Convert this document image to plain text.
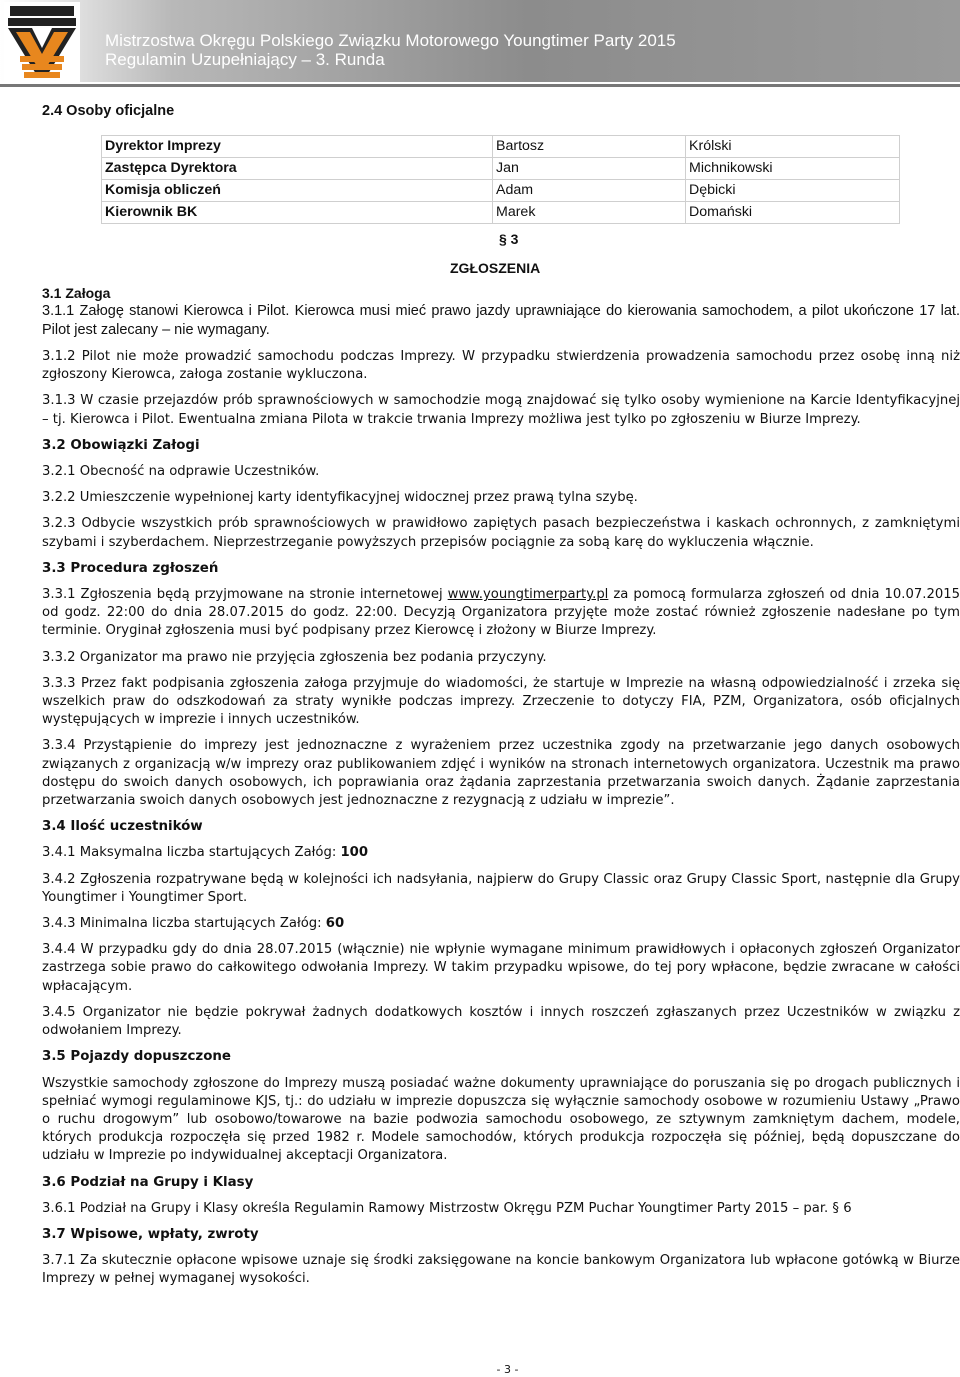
Mistrzostwa Okręgu Polskiego Związku Motorowego Youngtimer Party 2015
Regulamin Uzupełniający – 3. Runda
2.4 Osoby oficjalne
Dyrektor Imprezy	Bartosz	Królski
Zastępca Dyrektora	Jan	Michnikowski
Komisja obliczeń	Adam	Dębicki
Kierownik BK	Marek	Domański
§ 3
ZGŁOSZENIA
3.1 Załoga

3.1.1 Załogę stanowi Kierowca i Pilot. Kierowca musi mieć prawo jazdy uprawniające do kierowania samochodem, a pilot ukończone 17 lat. Pilot jest zalecany – nie wymagany.

3.1.2 Pilot nie może prowadzić samochodu podczas Imprezy. W przypadku stwierdzenia prowadzenia samochodu przez osobę inną niż zgłoszony Kierowca, załoga zostanie wykluczona.

3.1.3 W czasie przejazdów prób sprawnościowych w samochodzie mogą znajdować się tylko osoby wymienione na Karcie Identyfikacyjnej – tj. Kierowca i Pilot. Ewentualna zmiana Pilota w trakcie trwania Imprezy możliwa jest tylko po zgłoszeniu w Biurze Imprezy.

3.2 Obowiązki Załogi

3.2.1 Obecność na odprawie Uczestników.

3.2.2 Umieszczenie wypełnionej karty identyfikacyjnej widocznej przez prawą tylna szybę.

3.2.3 Odbycie wszystkich prób sprawnościowych w prawidłowo zapiętych pasach bezpieczeństwa i kaskach ochronnych, z zamkniętymi szybami i szyberdachem. Nieprzestrzeganie powyższych przepisów pociągnie za sobą karę do wykluczenia włącznie.

3.3 Procedura zgłoszeń

3.3.1 Zgłoszenia będą przyjmowane na stronie internetowej www.youngtimerparty.pl za pomocą formularza zgłoszeń od dnia 10.07.2015 od godz. 22:00 do dnia 28.07.2015 do godz. 22:00. Decyzją Organizatora przyjęte może zostać również zgłoszenie nadesłane po tym terminie. Oryginał zgłoszenia musi być podpisany przez Kierowcę i złożony w Biurze Imprezy.

3.3.2 Organizator ma prawo nie przyjęcia zgłoszenia bez podania przyczyny.

3.3.3 Przez fakt podpisania zgłoszenia załoga przyjmuje do wiadomości, że startuje w Imprezie na własną odpowiedzialność i zrzeka się wszelkich praw do odszkodowań za straty wynikłe podczas imprezy. Zrzeczenie to dotyczy FIA, PZM, Organizatora, osób oficjalnych występujących w imprezie i innych uczestników.

3.3.4 Przystąpienie do imprezy jest jednoznaczne z wyrażeniem przez uczestnika zgody na przetwarzanie jego danych osobowych związanych z organizacją w/w imprezy oraz publikowaniem zdjęć i wyników na stronach internetowych organizatora. Uczestnik ma prawo dostępu do swoich danych osobowych, ich poprawiania oraz żądania zaprzestania przetwarzania swoich danych. Żądanie zaprzestania przetwarzania swoich danych osobowych jest jednoznaczne z rezygnacją z udziału w imprezie”.

3.4 Ilość uczestników

3.4.1 Maksymalna liczba startujących Załóg: 100

3.4.2 Zgłoszenia rozpatrywane będą w kolejności ich nadsyłania, najpierw do Grupy Classic oraz Grupy Classic Sport, następnie dla Grupy Youngtimer i Youngtimer Sport.

3.4.3 Minimalna liczba startujących Załóg: 60

3.4.4 W przypadku gdy do dnia 28.07.2015 (włącznie) nie wpłynie wymagane minimum prawidłowych i opłaconych zgłoszeń Organizator zastrzega sobie prawo do całkowitego odwołania Imprezy. W takim przypadku wpisowe, do tej pory wpłacone, będzie zwracane w całości wpłacającym.

3.4.5 Organizator nie będzie pokrywał żadnych dodatkowych kosztów i innych roszczeń zgłaszanych przez Uczestników w związku z odwołaniem Imprezy.

3.5 Pojazdy dopuszczone

Wszystkie samochody zgłoszone do Imprezy muszą posiadać ważne dokumenty uprawniające do poruszania się po drogach publicznych i spełniać wymogi regulaminowe KJS, tj.: do udziału w imprezie dopuszcza się wyłącznie samochody osobowe w rozumieniu Ustawy „Prawo o ruchu drogowym” lub osobowo/towarowe na bazie podwozia samochodu osobowego, ze sztywnym zamkniętym dachem, modele, których produkcja rozpoczęła się przed 1982 r. Modele samochodów, których produkcja rozpoczęła się później, będą dopuszczane do udziału w Imprezie po indywidualnej akceptacji Organizatora.

3.6 Podział na Grupy i Klasy

3.6.1 Podział na Grupy i Klasy określa Regulamin Ramowy Mistrzostw Okręgu PZM Puchar Youngtimer Party 2015 – par. § 6

3.7 Wpisowe, wpłaty, zwroty

3.7.1 Za skutecznie opłacone wpisowe uznaje się środki zaksięgowane na koncie bankowym Organizatora lub wpłacone gotówką w Biurze Imprezy w pełnej wymaganej wysokości.

- 3 -
